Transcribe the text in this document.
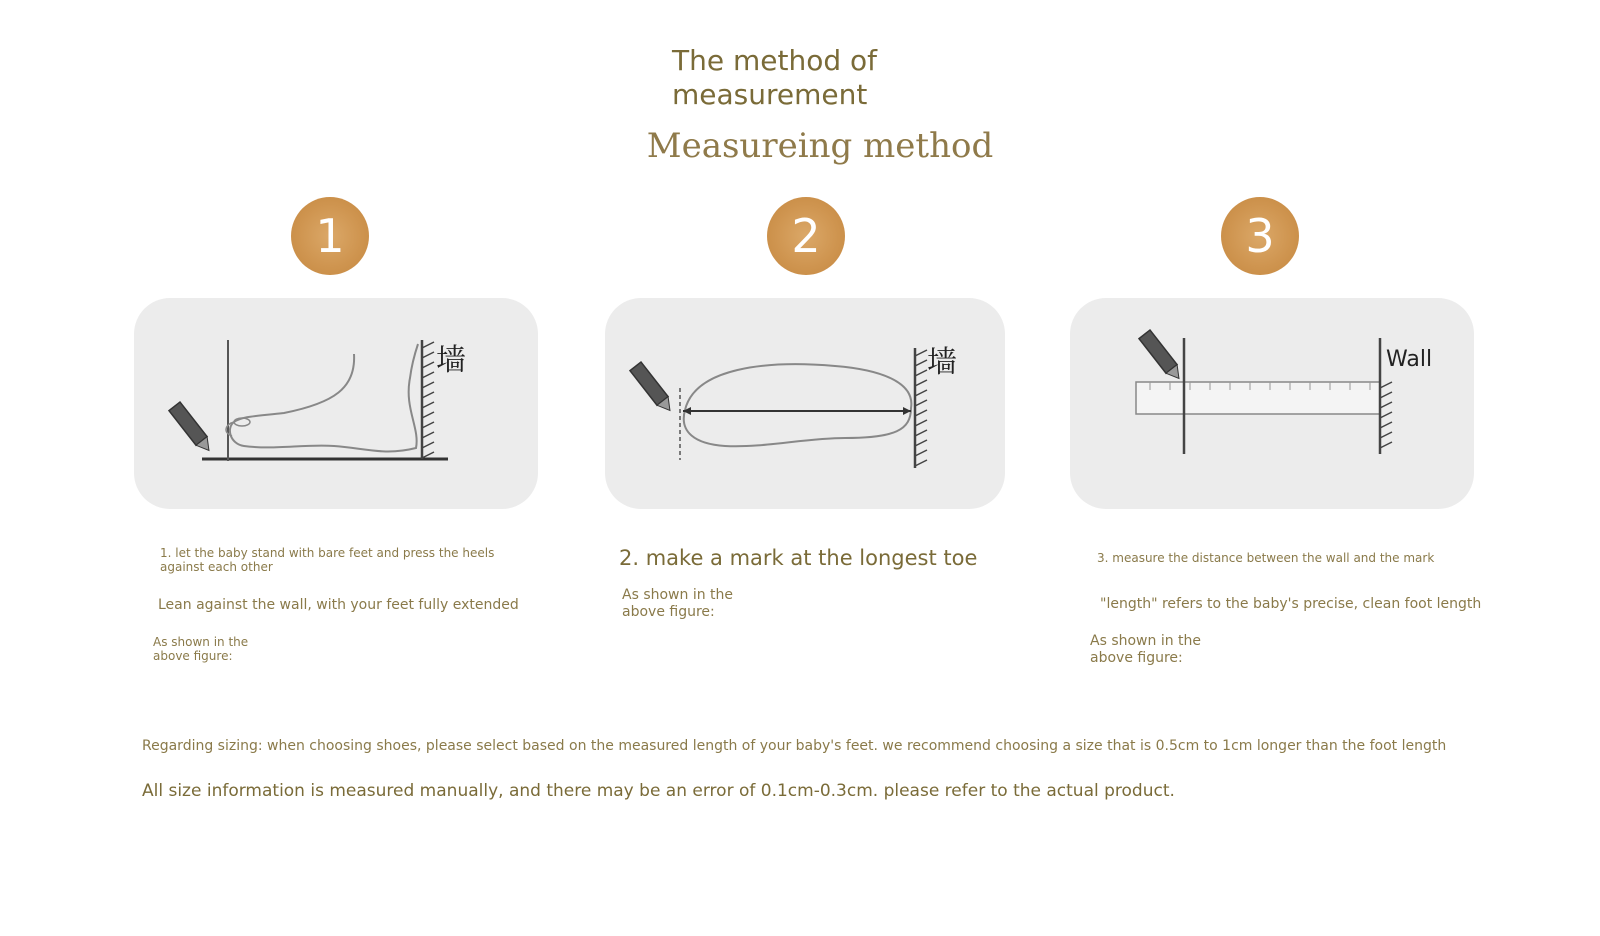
The method of
measurement
Measureing method
1	2	3
墙	墙	Wall
1. let the baby stand with bare feet and press the heels against each other
Lean against the wall, with your feet fully extended
As shown in the
above figure:
2. make a mark at the longest toe
As shown in the
above figure:
3. measure the distance between the wall and the mark
"length" refers to the baby's precise, clean foot length
As shown in the
above figure:
Regarding sizing: when choosing shoes, please select based on the measured length of your baby's feet. we recommend choosing a size that is 0.5cm to 1cm longer than the foot length
All size information is measured manually, and there may be an error of 0.1cm-0.3cm. please refer to the actual product.
